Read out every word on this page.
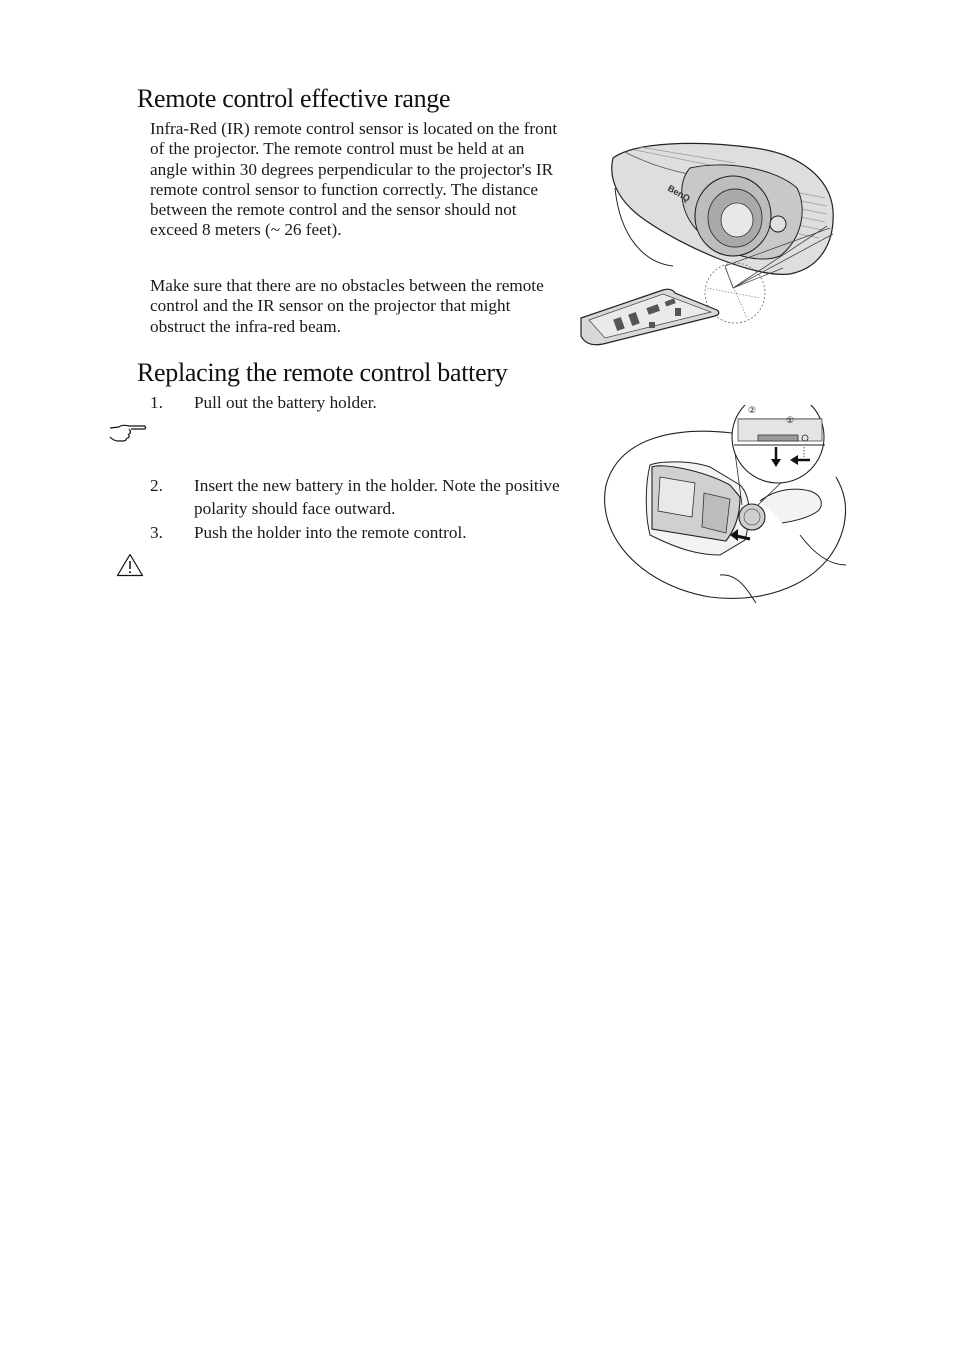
Remote control effective range

Infra-Red (IR) remote control sensor is located on the front of the projector. The remote control must be held at an angle within 30 degrees perpendicular to the projector's IR remote control sensor to function correctly. The distance between the remote control and the sensor should not exceed 8 meters (~ 26 feet).

Make sure that there are no obstacles between the remote control and the IR sensor on the projector that might obstruct the infra-red beam.

BenQ
Replacing the remote control battery
1.	Pull out the battery holder.
2.	Insert the new battery in the holder. Note the positive polarity should face outward.
3.	Push the holder into the remote control.
②
①
